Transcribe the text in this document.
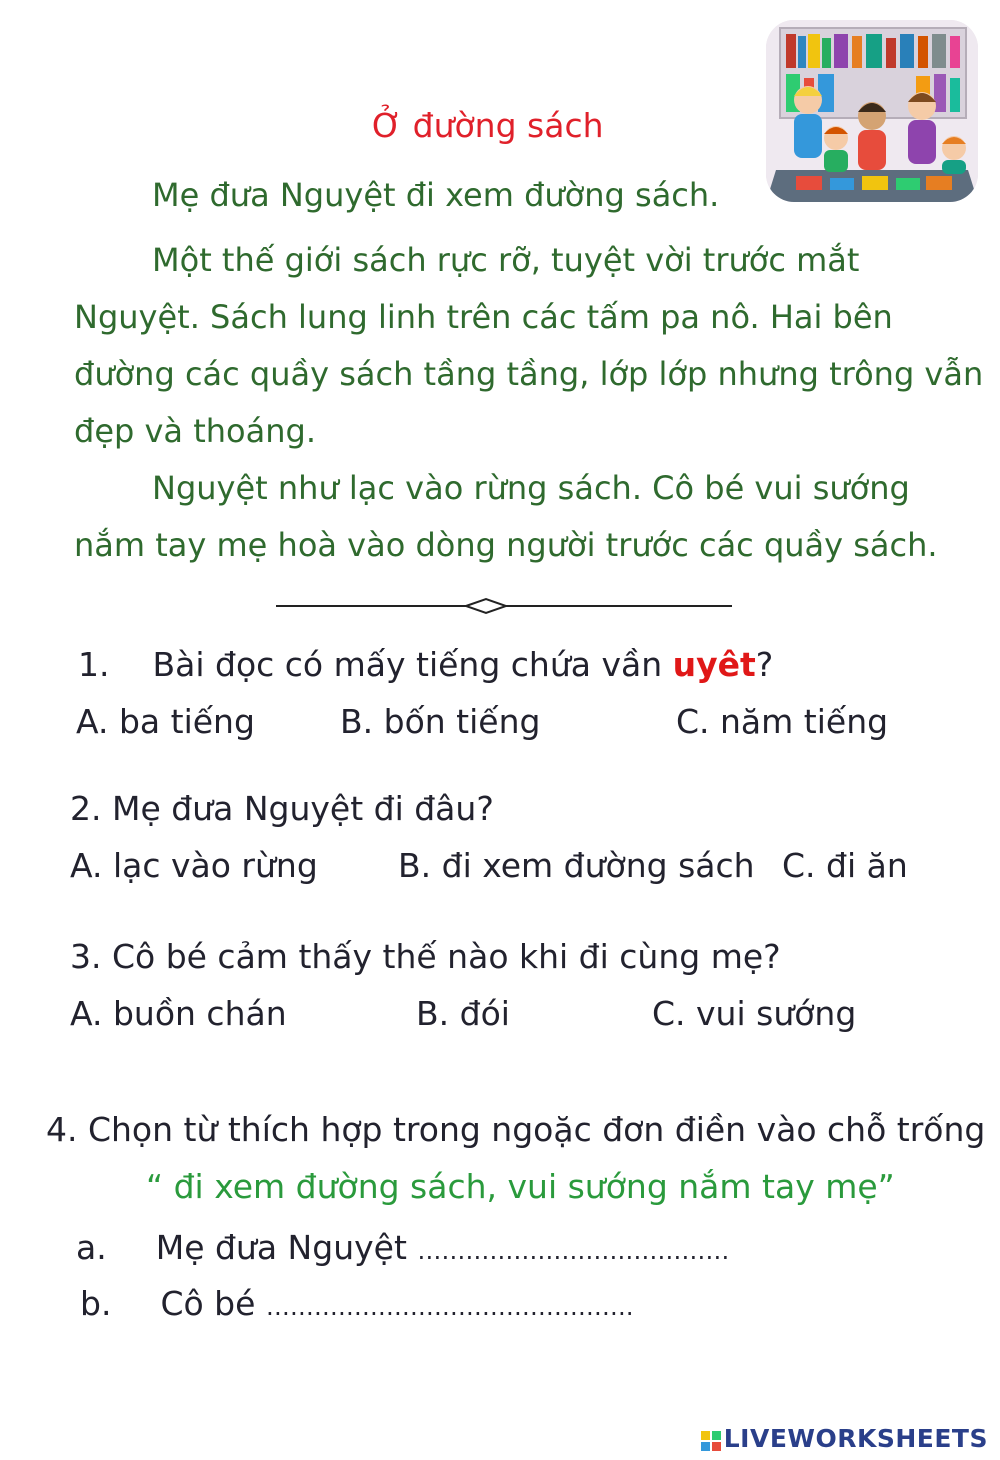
Ở đường sách
Mẹ đưa Nguyệt đi xem đường sách.
Một thế giới sách rực rỡ, tuyệt vời trước mắt
Nguyệt. Sách lung linh trên các tấm pa nô. Hai bên
đường các quầy sách tầng tầng, lớp lớp nhưng trông vẫn
đẹp và thoáng.
Nguyệt như lạc vào rừng sách. Cô bé vui sướng
nắm tay mẹ hoà vào dòng người trước các quầy sách.
1. Bài đọc có mấy tiếng chứa vần uyêt?
A. ba tiếng	B. bốn tiếng	C. năm tiếng
2. Mẹ đưa Nguyệt đi đâu?
A. lạc vào rừng B. đi xem đường sách C. đi ăn
3. Cô bé cảm thấy thế nào khi đi cùng mẹ?
A. buồn chán	B. đói	C. vui sướng
4. Chọn từ thích hợp trong ngoặc đơn điền vào chỗ trống
“ đi xem đường sách, vui sướng nắm tay mẹ”
a. Mẹ đưa Nguyệt …………………………………
b. Cô bé ……………………………………….
LIVEWORKSHEETS
